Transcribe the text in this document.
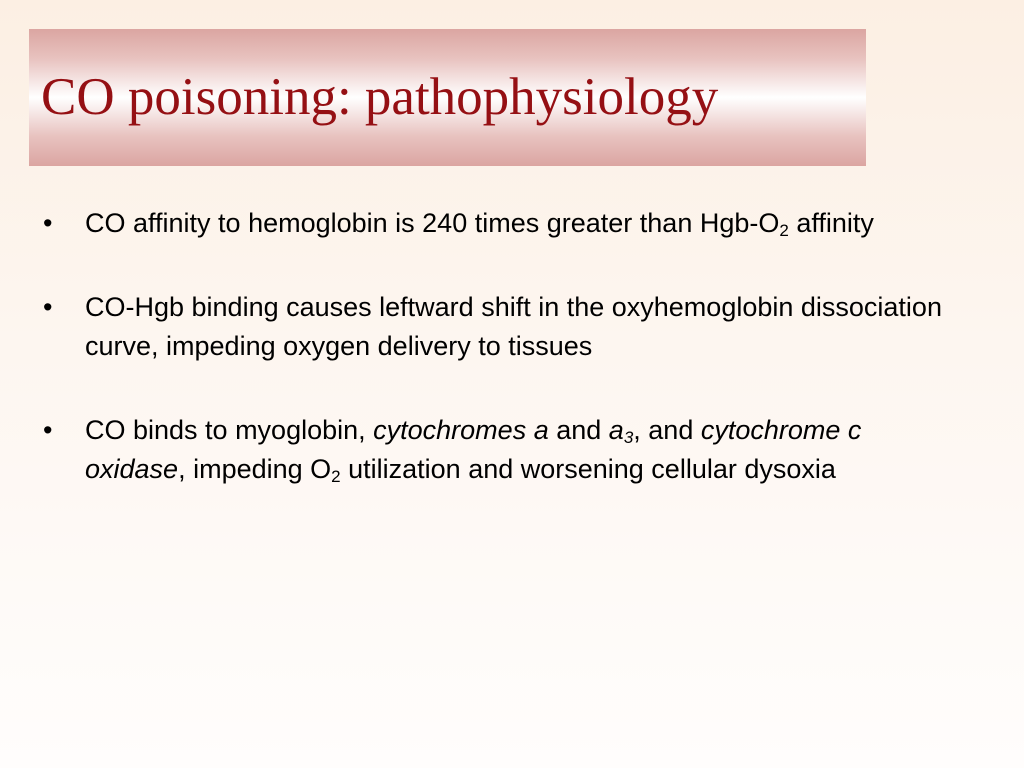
CO poisoning: pathophysiology
• CO affinity to hemoglobin is 240 times greater than Hgb-$O_2$ affinity
• CO-Hgb binding causes leftward shift in the oxyhemoglobin dissociation curve, impeding oxygen delivery to tissues
• CO binds to myoglobin, cytochromes a and $a_3$, and cytochrome c oxidase, impeding $O_2$ utilization and worsening cellular dysoxia
